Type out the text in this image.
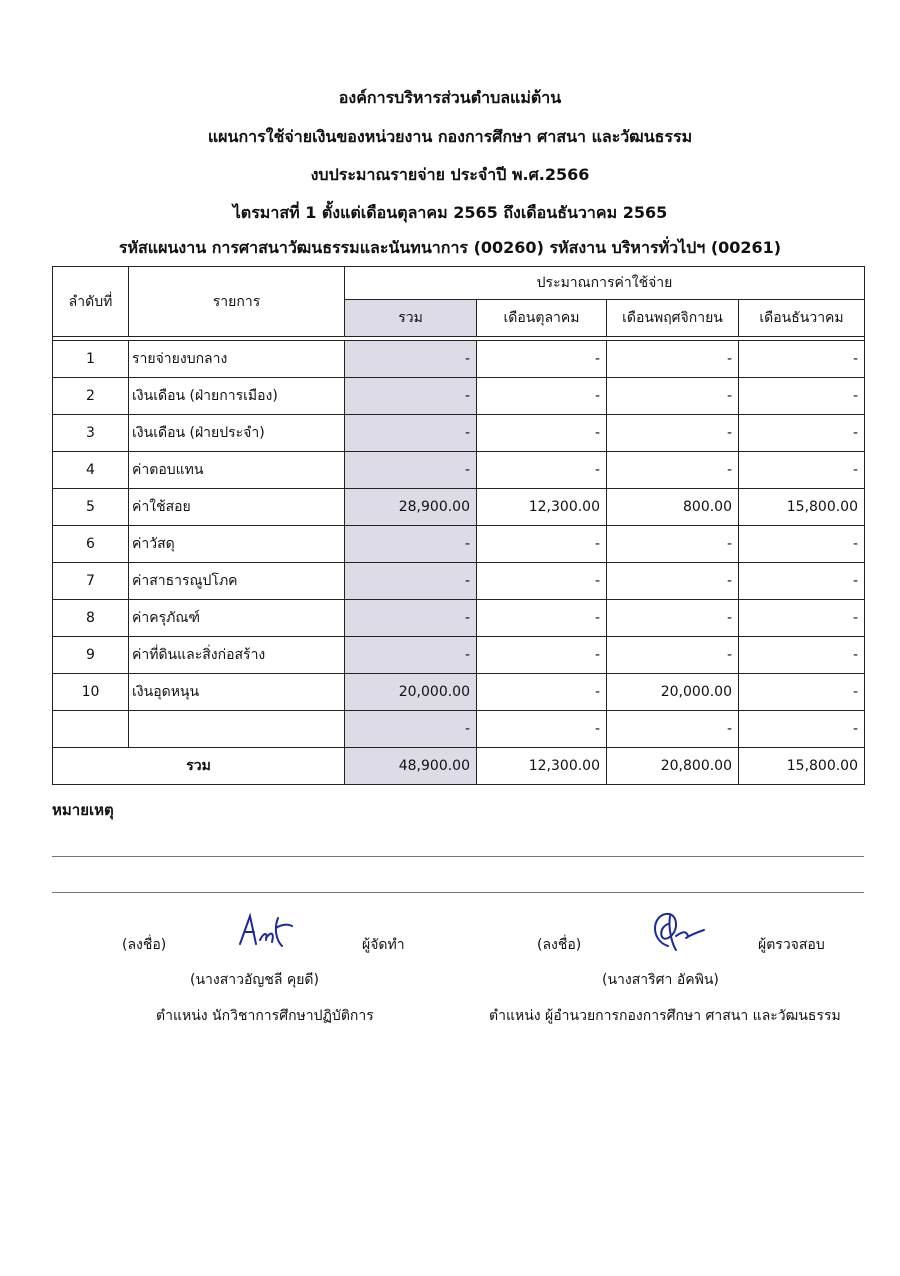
องค์การบริหารส่วนตำบลแม่ต้าน
แผนการใช้จ่ายเงินของหน่วยงาน กองการศึกษา ศาสนา และวัฒนธรรม
งบประมาณรายจ่าย ประจำปี พ.ศ.2566
ไตรมาสที่ 1 ตั้งแต่เดือนตุลาคม 2565 ถึงเดือนธันวาคม 2565
รหัสแผนงาน การศาสนาวัฒนธรรมและนันทนาการ (00260) รหัสงาน บริหารทั่วไปฯ (00261)
ลำดับที่	รายการ	ประมาณการค่าใช้จ่าย			
		รวม	เดือนตุลาคม	เดือนพฤศจิกายน	เดือนธันวาคม

1	รายจ่ายงบกลาง	-	-	-	-
2	เงินเดือน (ฝ่ายการเมือง)	-	-	-	-
3	เงินเดือน (ฝ่ายประจำ)	-	-	-	-
4	ค่าตอบแทน	-	-	-	-
5	ค่าใช้สอย	28,900.00	12,300.00	800.00	15,800.00
6	ค่าวัสดุ	-	-	-	-
7	ค่าสาธารณูปโภค	-	-	-	-
8	ค่าครุภัณฑ์	-	-	-	-
9	ค่าที่ดินและสิ่งก่อสร้าง	-	-	-	-
10	เงินอุดหนุน	20,000.00	-	20,000.00	-
		-	-	-	-
รวม		48,900.00	12,300.00	20,800.00	15,800.00
หมายเหตุ
(ลงชื่อ)	ผู้จัดทำ
(นางสาวอัญชลี คุยดี)
ตำแหน่ง นักวิชาการศึกษาปฏิบัติการ
(ลงชื่อ)	ผู้ตรวจสอบ
(นางสาริศา อัคพิน)
ตำแหน่ง ผู้อำนวยการกองการศึกษา ศาสนา และวัฒนธรรม
